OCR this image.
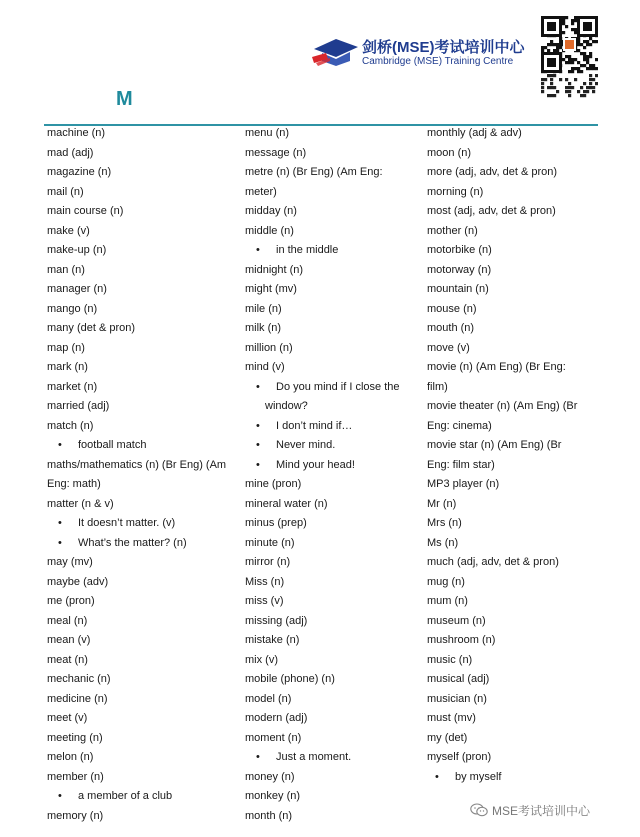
剑桥(MSE)考试培训中心
Cambridge (MSE) Training Centre
M
machine (n)
mad (adj)
magazine (n)
mail (n)
main course (n)
make (v)
make-up (n)
man (n)
manager (n)
mango (n)
many (det & pron)
map (n)
mark (n)
market (n)
married (adj)
match (n)
• football match
maths/mathematics (n) (Br Eng) (Am
Eng: math)
matter (n & v)
• It doesn’t matter. (v)
• What’s the matter? (n)
may (mv)
maybe (adv)
me (pron)
meal (n)
mean (v)
meat (n)
mechanic (n)
medicine (n)
meet (v)
meeting (n)
melon (n)
member (n)
• a member of a club
memory (n)
menu (n)
message (n)
metre (n) (Br Eng) (Am Eng:
meter)
midday (n)
middle (n)
• in the middle
midnight (n)
might (mv)
mile (n)
milk (n)
million (n)
mind (v)
• Do you mind if I close the
window?
• I don’t mind if…
• Never mind.
• Mind your head!
mine (pron)
mineral water (n)
minus (prep)
minute (n)
mirror (n)
Miss (n)
miss (v)
missing (adj)
mistake (n)
mix (v)
mobile (phone) (n)
model (n)
modern (adj)
moment (n)
• Just a moment.
money (n)
monkey (n)
month (n)
monthly (adj & adv)
moon (n)
more (adj, adv, det & pron)
morning (n)
most (adj, adv, det & pron)
mother (n)
motorbike (n)
motorway (n)
mountain (n)
mouse (n)
mouth (n)
move (v)
movie (n) (Am Eng) (Br Eng:
film)
movie theater (n) (Am Eng) (Br
Eng: cinema)
movie star (n) (Am Eng) (Br
Eng: film star)
MP3 player (n)
Mr (n)
Mrs (n)
Ms (n)
much (adj, adv, det & pron)
mug (n)
mum (n)
museum (n)
mushroom (n)
music (n)
musical (adj)
musician (n)
must (mv)
my (det)
myself (pron)
• by myself
MSE考试培训中心
